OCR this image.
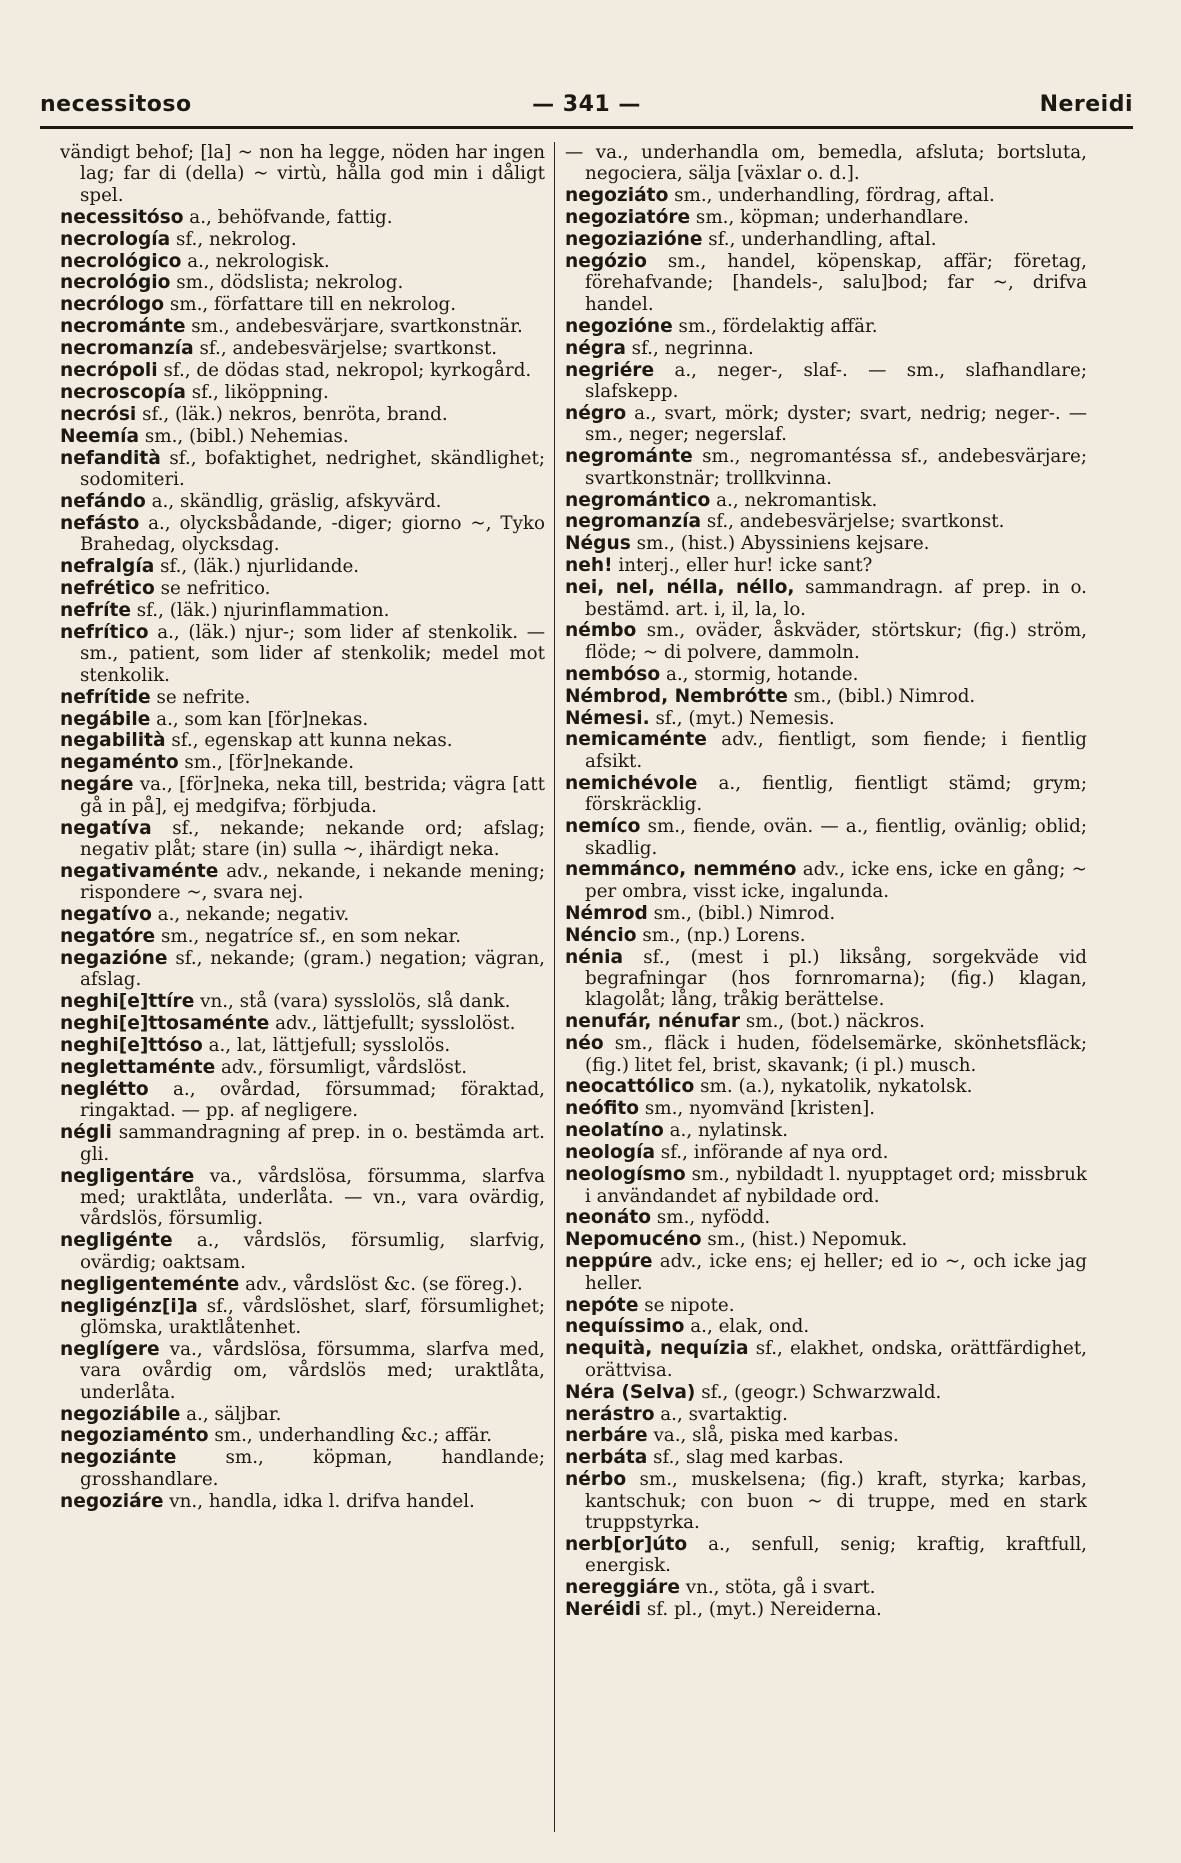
necessitoso	— 341 —	Nereidi
vändigt behof; [la] ~ non ha legge, nöden har ingen lag; far di (della) ~ virtù, hålla god min i dåligt spel.
necessitóso a., behöfvande, fattig.
necrología sf., nekrolog.
necrológico a., nekrologisk.
necrológio sm., dödslista; nekrolog.
necrólogo sm., författare till en nekrolog.
necrománte sm., andebesvärjare, svartkonstnär.
necromanzía sf., andebesvärjelse; svartkonst.
necrópoli sf., de dödas stad, nekropol; kyrkogård.
necroscopía sf., liköppning.
necrósi sf., (läk.) nekros, benröta, brand.
Neemía sm., (bibl.) Nehemias.
nefandità sf., bofaktighet, nedrighet, skändlighet; sodomiteri.
nefándo a., skändlig, gräslig, afskyvärd.
nefásto a., olycksbådande, -diger; giorno ~, Tyko Brahedag, olycksdag.
nefralgía sf., (läk.) njurlidande.
nefrético se nefritico.
nefríte sf., (läk.) njurinflammation.
nefrítico a., (läk.) njur-; som lider af stenkolik. — sm., patient, som lider af stenkolik; medel mot stenkolik.
nefrítide se nefrite.
negábile a., som kan [för]nekas.
negabilità sf., egenskap att kunna nekas.
negaménto sm., [för]nekande.
negáre va., [för]neka, neka till, bestrida; vägra [att gå in på], ej medgifva; förbjuda.
negatíva sf., nekande; nekande ord; afslag; negativ plåt; stare (in) sulla ~, ihärdigt neka.
negativaménte adv., nekande, i nekande mening; rispondere ~, svara nej.
negatívo a., nekande; negativ.
negatóre sm., negatríce sf., en som nekar.
negazióne sf., nekande; (gram.) negation; vägran, afslag.
neghi[e]ttíre vn., stå (vara) sysslolös, slå dank.
neghi[e]ttosaménte adv., lättjefullt; sysslolöst.
neghi[e]ttóso a., lat, lättjefull; sysslolös.
neglettaménte adv., försumligt, vårdslöst.
neglétto a., ovårdad, försummad; föraktad, ringaktad. — pp. af negligere.
négli sammandragning af prep. in o. bestämda art. gli.
negligentáre va., vårdslösa, försumma, slarfva med; uraktlåta, underlåta. — vn., vara ovärdig, vårdslös, försumlig.
negligénte a., vårdslös, försumlig, slarfvig, ovärdig; oaktsam.
negligenteménte adv., vårdslöst &c. (se föreg.).
negligénz[i]a sf., vårdslöshet, slarf, försumlighet; glömska, uraktlåtenhet.
neglígere va., vårdslösa, försumma, slarfva med, vara ovårdig om, vårdslös med; uraktlåta, underlåta.
negoziábile a., säljbar.
negoziaménto sm., underhandling &c.; affär.
negoziánte sm., köpman, handlande; grosshandlare.
negoziáre vn., handla, idka l. drifva handel.
— va., underhandla om, bemedla, afsluta; bortsluta, negociera, sälja [växlar o. d.].
negoziáto sm., underhandling, fördrag, aftal.
negoziatóre sm., köpman; underhandlare.
negoziazióne sf., underhandling, aftal.
negózio sm., handel, köpenskap, affär; företag, förehafvande; [handels-, salu]bod; far ~, drifva handel.
negozióne sm., fördelaktig affär.
négra sf., negrinna.
negriére a., neger-, slaf-. — sm., slafhandlare; slafskepp.
négro a., svart, mörk; dyster; svart, nedrig; neger-. — sm., neger; negerslaf.
negrománte sm., negromantéssa sf., andebesvärjare; svartkonstnär; trollkvinna.
negromántico a., nekromantisk.
negromanzía sf., andebesvärjelse; svartkonst.
Négus sm., (hist.) Abyssiniens kejsare.
neh! interj., eller hur! icke sant?
nei, nel, nélla, néllo, sammandragn. af prep. in o. bestämd. art. i, il, la, lo.
némbo sm., oväder, åskväder, störtskur; (fig.) ström, flöde; ~ di polvere, dammoln.
nembóso a., stormig, hotande.
Némbrod, Nembrótte sm., (bibl.) Nimrod.
Némesi. sf., (myt.) Nemesis.
nemicaménte adv., fientligt, som fiende; i fientlig afsikt.
nemichévole a., fientlig, fientligt stämd; grym; förskräcklig.
nemíco sm., fiende, ovän. — a., fientlig, ovänlig; oblid; skadlig.
nemmánco, nemméno adv., icke ens, icke en gång; ~ per ombra, visst icke, ingalunda.
Némrod sm., (bibl.) Nimrod.
Néncio sm., (np.) Lorens.
nénia sf., (mest i pl.) liksång, sorgekväde vid begrafningar (hos fornromarna); (fig.) klagan, klagolåt; lång, tråkig berättelse.
nenufár, nénufar sm., (bot.) näckros.
néo sm., fläck i huden, födelsemärke, skönhetsfläck; (fig.) litet fel, brist, skavank; (i pl.) musch.
neocattólico sm. (a.), nykatolik, nykatolsk.
neófito sm., nyomvänd [kristen].
neolatíno a., nylatinsk.
neología sf., införande af nya ord.
neologísmo sm., nybildadt l. nyupptaget ord; missbruk i användandet af nybildade ord.
neonáto sm., nyfödd.
Nepomucéno sm., (hist.) Nepomuk.
neppúre adv., icke ens; ej heller; ed io ~, och icke jag heller.
nepóte se nipote.
nequíssimo a., elak, ond.
nequità, nequízia sf., elakhet, ondska, orättfärdighet, orättvisa.
Néra (Selva) sf., (geogr.) Schwarzwald.
nerástro a., svartaktig.
nerbáre va., slå, piska med karbas.
nerbáta sf., slag med karbas.
nérbo sm., muskelsena; (fig.) kraft, styrka; karbas, kantschuk; con buon ~ di truppe, med en stark truppstyrka.
nerb[or]úto a., senfull, senig; kraftig, kraftfull, energisk.
nereggiáre vn., stöta, gå i svart.
Neréidi sf. pl., (myt.) Nereiderna.
